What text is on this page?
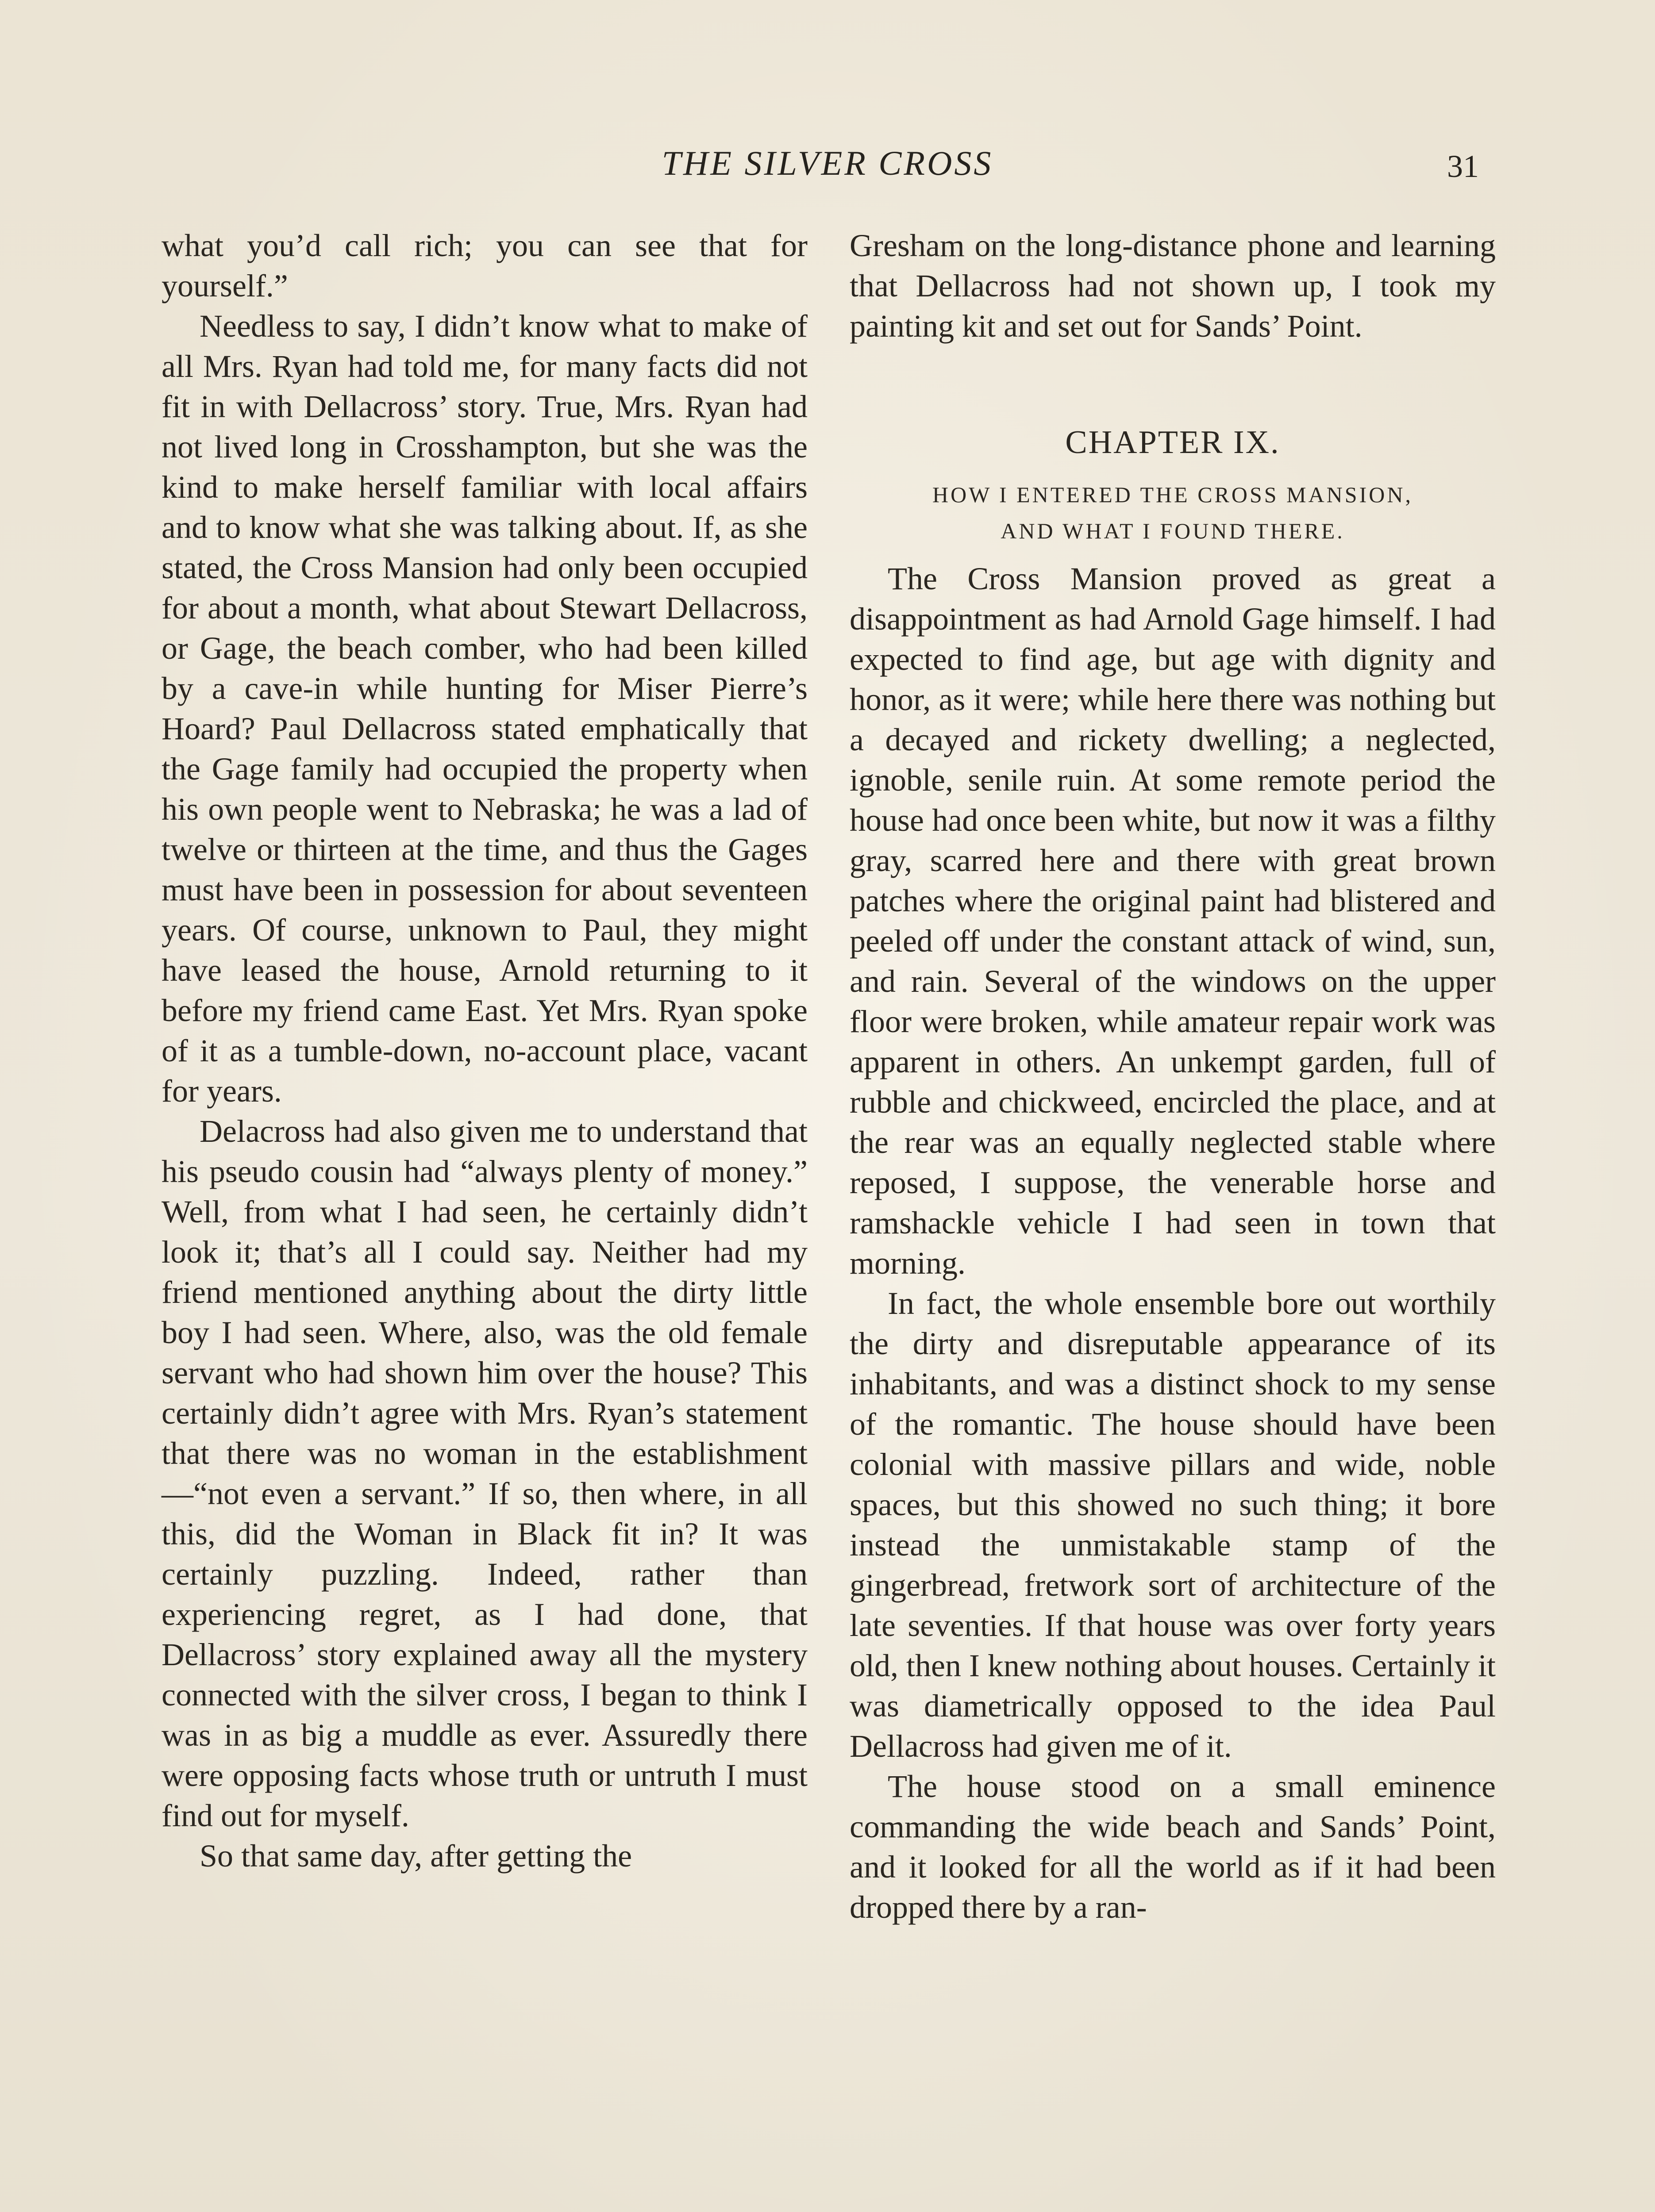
THE SILVER CROSS	31

what you’d call rich; you can see that for yourself.”

Needless to say, I didn’t know what to make of all Mrs. Ryan had told me, for many facts did not fit in with Dellacross’ story. True, Mrs. Ryan had not lived long in Crosshampton, but she was the kind to make herself familiar with local affairs and to know what she was talking about. If, as she stated, the Cross Mansion had only been occupied for about a month, what about Stewart Dellacross, or Gage, the beach comber, who had been killed by a cave-in while hunting for Miser Pierre’s Hoard? Paul Dellacross stated emphatically that the Gage family had occupied the property when his own people went to Nebraska; he was a lad of twelve or thirteen at the time, and thus the Gages must have been in possession for about seventeen years. Of course, unknown to Paul, they might have leased the house, Arnold returning to it before my friend came East. Yet Mrs. Ryan spoke of it as a tumble-down, no-account place, vacant for years.

Delacross had also given me to understand that his pseudo cousin had “always plenty of money.” Well, from what I had seen, he certainly didn’t look it; that’s all I could say. Neither had my friend mentioned anything about the dirty little boy I had seen. Where, also, was the old female servant who had shown him over the house? This certainly didn’t agree with Mrs. Ryan’s statement that there was no woman in the establishment—“not even a servant.” If so, then where, in all this, did the Woman in Black fit in? It was certainly puzzling. Indeed, rather than experiencing regret, as I had done, that Dellacross’ story explained away all the mystery connected with the silver cross, I began to think I was in as big a muddle as ever. Assuredly there were opposing facts whose truth or untruth I must find out for myself.

So that same day, after getting the

Gresham on the long-distance phone and learning that Dellacross had not shown up, I took my painting kit and set out for Sands’ Point.

CHAPTER IX.
HOW I ENTERED THE CROSS MANSION,
AND WHAT I FOUND THERE.

The Cross Mansion proved as great a disappointment as had Arnold Gage himself. I had expected to find age, but age with dignity and honor, as it were; while here there was nothing but a decayed and rickety dwelling; a neglected, ignoble, senile ruin. At some remote period the house had once been white, but now it was a filthy gray, scarred here and there with great brown patches where the original paint had blistered and peeled off under the constant attack of wind, sun, and rain. Several of the windows on the upper floor were broken, while amateur repair work was apparent in others. An unkempt garden, full of rubble and chickweed, encircled the place, and at the rear was an equally neglected stable where reposed, I suppose, the venerable horse and ramshackle vehicle I had seen in town that morning.

In fact, the whole ensemble bore out worthily the dirty and disreputable appearance of its inhabitants, and was a distinct shock to my sense of the romantic. The house should have been colonial with massive pillars and wide, noble spaces, but this showed no such thing; it bore instead the unmistakable stamp of the gingerbread, fretwork sort of architecture of the late seventies. If that house was over forty years old, then I knew nothing about houses. Certainly it was diametrically opposed to the idea Paul Dellacross had given me of it.

The house stood on a small eminence commanding the wide beach and Sands’ Point, and it looked for all the world as if it had been dropped there by a ran-
